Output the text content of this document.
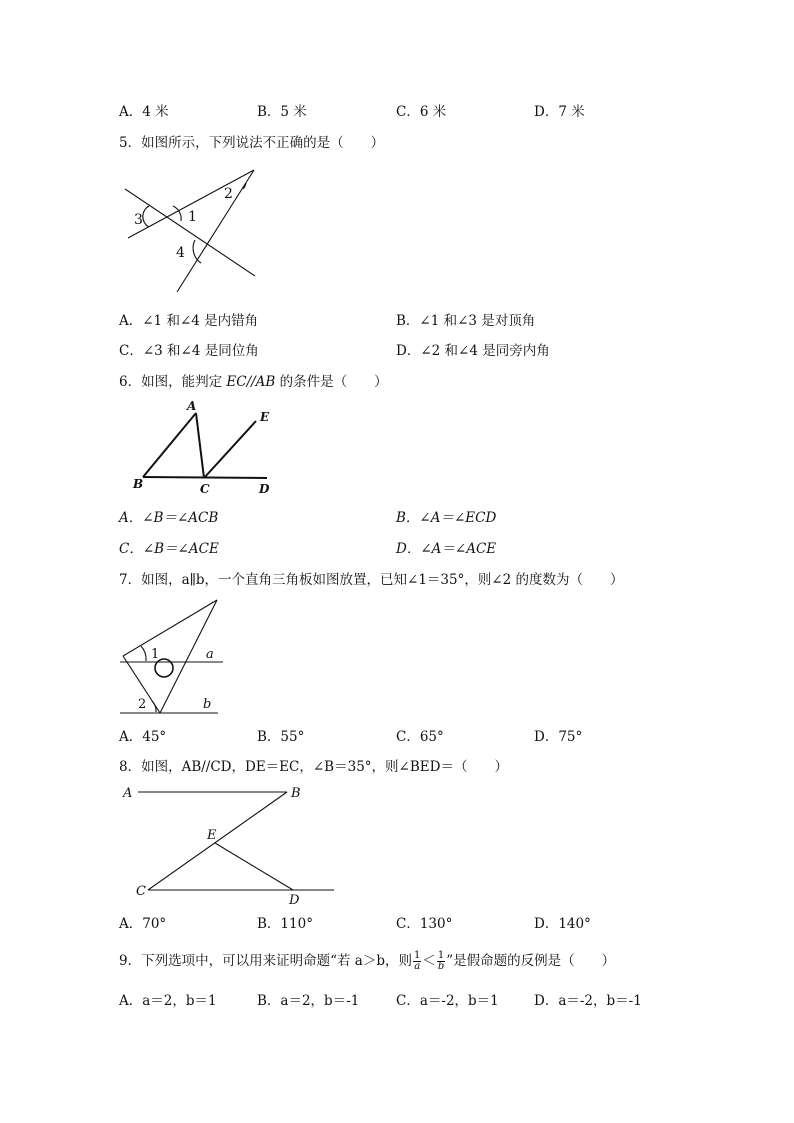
A．4 米	B．5 米	C．6 米	D．7 米
5．如图所示，下列说法不正确的是（　　）
1
2
3
4
A．∠1 和∠4 是内错角	B．∠1 和∠3 是对顶角
C．∠3 和∠4 是同位角	D．∠2 和∠4 是同旁内角
6．如图，能判定 EC//AB 的条件是（　　）
A
B	C	D
E
A．∠B＝∠ACB	B．∠A＝∠ECD
C．∠B＝∠ACE	D．∠A＝∠ACE
7．如图，a∥b，一个直角三角板如图放置，已知∠1＝35°，则∠2 的度数为（　　）
1
2
a
b
A．45°	B．55°	C．65°	D．75°
8．如图，AB//CD，DE＝EC，∠B＝35°，则∠BED＝（　　）
A	B
C
D
E
A．70°	B．110°	C．130°	D．140°
9．下列选项中，可以用来证明命题“若 a＞b，则 $\frac{1}{a} < \frac{1}{b}$ ”是假命题的反例是（　　）
A．a＝2，b＝1	B．a＝2，b＝-1	C．a＝-2，b＝1	D．a＝-2，b＝-1
